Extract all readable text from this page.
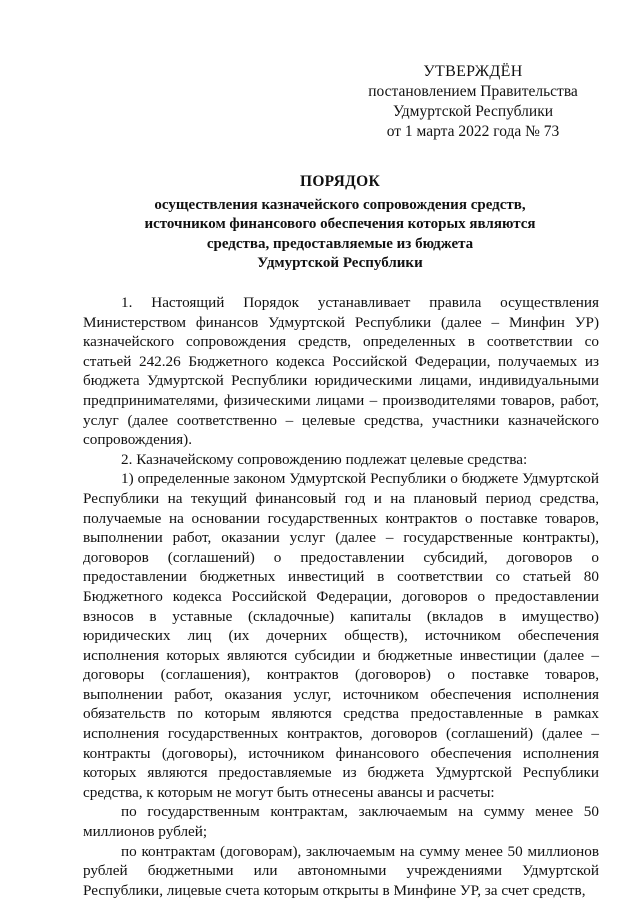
УТВЕРЖДЁН
постановлением Правительства
Удмуртской Республики
от 1 марта 2022 года № 73
ПОРЯДОК
осуществления казначейского сопровождения средств,
источником финансового обеспечения которых являются
средства, предоставляемые из бюджета
Удмуртской Республики

1. Настоящий Порядок устанавливает правила осуществления Министерством финансов Удмуртской Республики (далее – Минфин УР) казначейского сопровождения средств, определенных в соответствии со статьей 242.26 Бюджетного кодекса Российской Федерации, получаемых из бюджета Удмуртской Республики юридическими лицами, индивидуальными предпринимателями, физическими лицами – производителями товаров, работ, услуг (далее соответственно – целевые средства, участники казначейского сопровождения).

2. Казначейскому сопровождению подлежат целевые средства:

1) определенные законом Удмуртской Республики о бюджете Удмуртской Республики на текущий финансовый год и на плановый период средства, получаемые на основании государственных контрактов о поставке товаров, выполнении работ, оказании услуг (далее – государственные контракты), договоров (соглашений) о предоставлении субсидий, договоров о предоставлении бюджетных инвестиций в соответствии со статьей 80 Бюджетного кодекса Российской Федерации, договоров о предоставлении взносов в уставные (складочные) капиталы (вкладов в имущество) юридических лиц (их дочерних обществ), источником обеспечения исполнения которых являются субсидии и бюджетные инвестиции (далее – договоры (соглашения), контрактов (договоров) о поставке товаров, выполнении работ, оказания услуг, источником обеспечения исполнения обязательств по которым являются средства предоставленные в рамках исполнения государственных контрактов, договоров (соглашений) (далее – контракты (договоры), источником финансового обеспечения исполнения которых являются предоставляемые из бюджета Удмуртской Республики средства, к которым не могут быть отнесены авансы и расчеты:

по государственным контрактам, заключаемым на сумму менее 50 миллионов рублей;

по контрактам (договорам), заключаемым на сумму менее 50 миллионов рублей бюджетными или автономными учреждениями Удмуртской Республики, лицевые счета которым открыты в Минфине УР, за счет средств,
